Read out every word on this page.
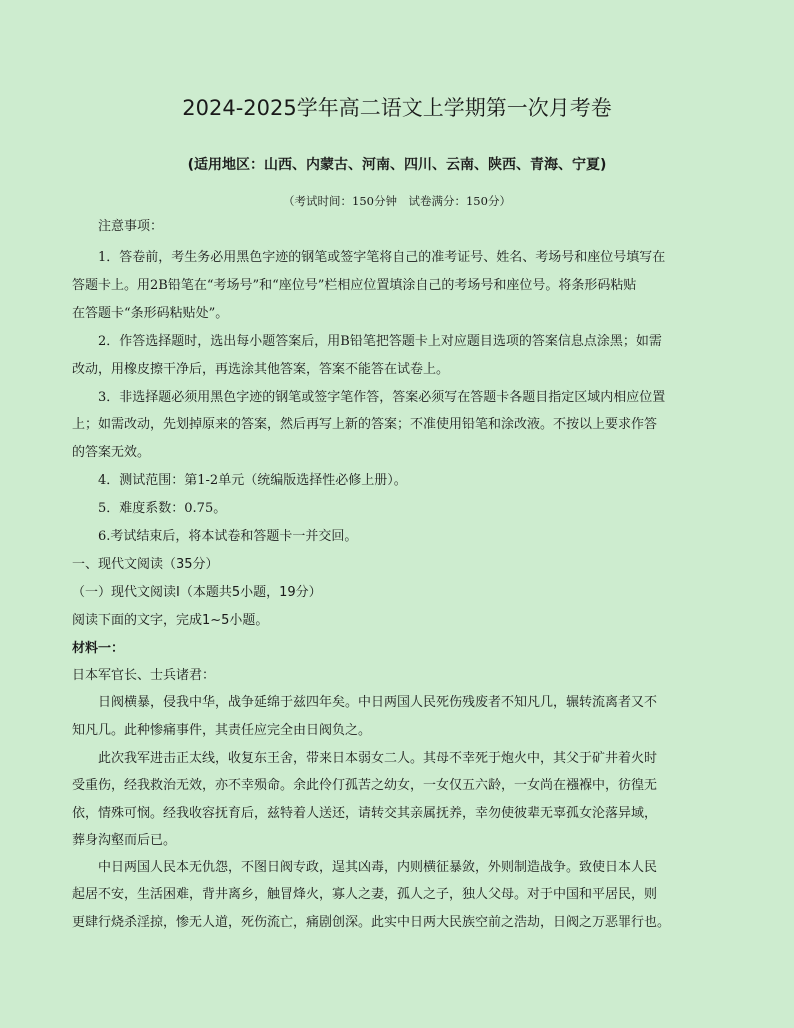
2024-2025学年高二语文上学期第一次月考卷
(适用地区：山西、内蒙古、河南、四川、云南、陕西、青海、宁夏)
（考试时间：150分钟　试卷满分：150分）
注意事项：
1．答卷前，考生务必用黑色字迹的钢笔或签字笔将自己的准考证号、姓名、考场号和座位号填写在
答题卡上。用2B铅笔在“考场号”和“座位号”栏相应位置填涂自己的考场号和座位号。将条形码粘贴
在答题卡“条形码粘贴处”。
2．作答选择题时，选出每小题答案后，用B铅笔把答题卡上对应题目选项的答案信息点涂黑；如需
改动，用橡皮擦干净后，再选涂其他答案，答案不能答在试卷上。
3．非选择题必须用黑色字迹的钢笔或签字笔作答，答案必须写在答题卡各题目指定区域内相应位置
上；如需改动，先划掉原来的答案，然后再写上新的答案；不准使用铅笔和涂改液。不按以上要求作答
的答案无效。
4．测试范围：第1-2单元（统编版选择性必修上册）。
5．难度系数：0.75。
6.考试结束后，将本试卷和答题卡一并交回。
一、现代文阅读（35分）
（一）现代文阅读Ⅰ（本题共5小题，19分）
阅读下面的文字，完成1~5小题。
材料一：
日本军官长、士兵诸君：
日阀横暴，侵我中华，战争延绵于兹四年矣。中日两国人民死伤残废者不知凡几，辗转流离者又不
知凡几。此种惨痛事件，其责任应完全由日阀负之。
此次我军进击正太线，收复东王舍，带来日本弱女二人。其母不幸死于炮火中，其父于矿井着火时
受重伤，经我救治无效，亦不幸殒命。余此伶仃孤苦之幼女，一女仅五六龄，一女尚在襁褓中，彷徨无
依，情殊可悯。经我收容抚育后，兹特着人送还，请转交其亲属抚养，幸勿使彼辈无辜孤女沦落异域，
葬身沟壑而后已。
中日两国人民本无仇怨，不图日阀专政，逞其凶毒，内则横征暴敛，外则制造战争。致使日本人民
起居不安，生活困难，背井离乡，触冒烽火，寡人之妻，孤人之子，独人父母。对于中国和平居民，则
更肆行烧杀淫掠，惨无人道，死伤流亡，痛剧创深。此实中日两大民族空前之浩劫，日阀之万恶罪行也。
